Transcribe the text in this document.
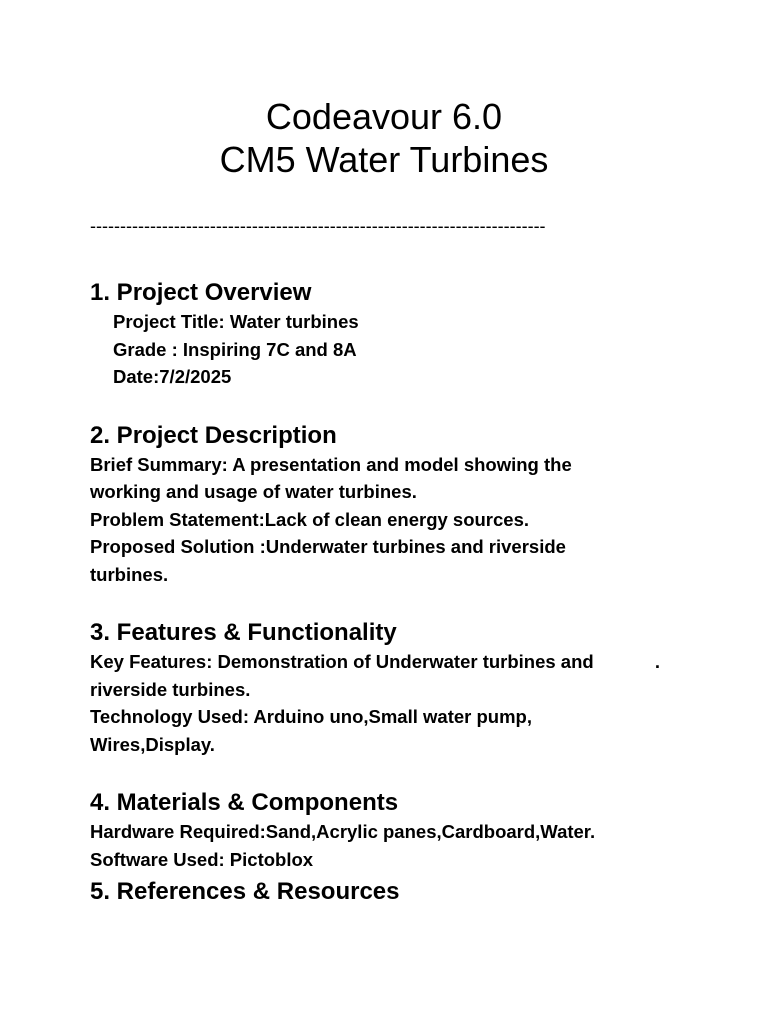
Codeavour 6.0
CM5 Water Turbines
----------------------------------------------------------------------------
1. Project Overview
Project Title: Water turbines
Grade : Inspiring 7C and 8A
Date:7/2/2025
2. Project Description
Brief Summary: A presentation and model showing the
working and usage of water turbines.
Problem Statement:Lack of clean energy sources.
Proposed Solution :Underwater turbines and riverside
turbines.
3. Features & Functionality
Key Features: Demonstration of Underwater turbines and	.
riverside turbines.
Technology Used: Arduino uno,Small water pump,
Wires,Display.
4. Materials & Components
Hardware Required:Sand,Acrylic panes,Cardboard,Water.
Software Used: Pictoblox
5. References & Resources
